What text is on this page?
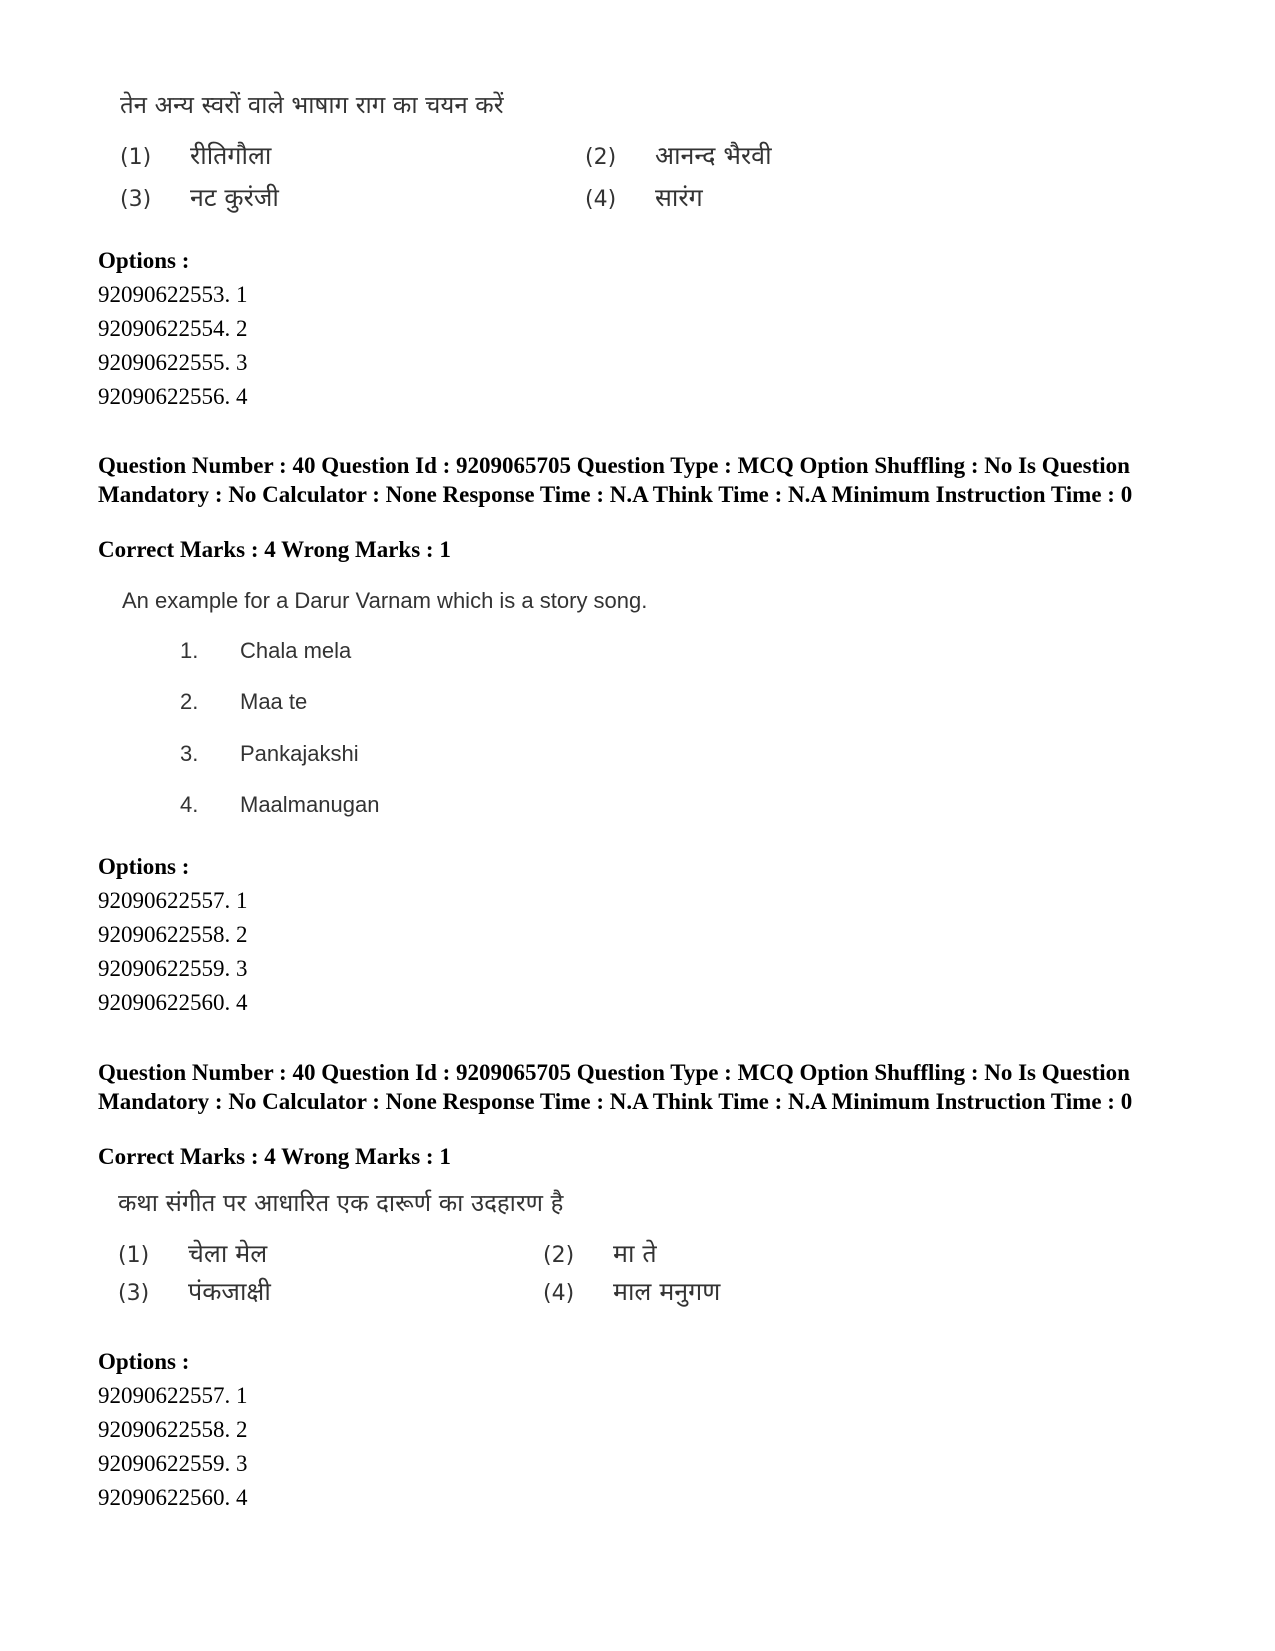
तेन अन्य स्वरों वाले भाषाग राग का चयन करें
(1) रीतिगौला	(2) आनन्द भैरवी
(3) नट कुरंजी	(4) सारंग
Options :
92090622553. 1
92090622554. 2
92090622555. 3
92090622556. 4
Question Number : 40 Question Id : 9209065705 Question Type : MCQ Option Shuffling : No Is Question Mandatory : No Calculator : None Response Time : N.A Think Time : N.A Minimum Instruction Time : 0
Correct Marks : 4 Wrong Marks : 1
An example for a Darur Varnam which is a story song.
1. Chala mela
2. Maa te
3. Pankajakshi
4. Maalmanugan
Options :
92090622557. 1
92090622558. 2
92090622559. 3
92090622560. 4
Question Number : 40 Question Id : 9209065705 Question Type : MCQ Option Shuffling : No Is Question Mandatory : No Calculator : None Response Time : N.A Think Time : N.A Minimum Instruction Time : 0
Correct Marks : 4 Wrong Marks : 1
कथा संगीत पर आधारित एक दारूर्ण का उदहारण है
(1) चेला मेल	(2) मा ते
(3) पंकजाक्षी	(4) माल मनुगण
Options :
92090622557. 1
92090622558. 2
92090622559. 3
92090622560. 4
